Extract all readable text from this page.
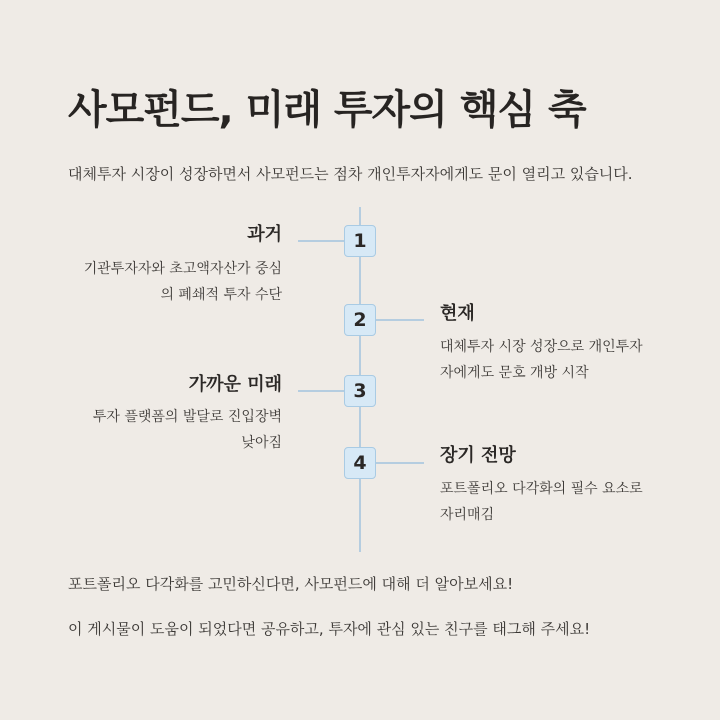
사모펀드, 미래 투자의 핵심 축
대체투자 시장이 성장하면서 사모펀드는 점차 개인투자자에게도 문이 열리고 있습니다.
1
과거
기관투자자와 초고액자산가 중심
의 폐쇄적 투자 수단
2	현재
대체투자 시장 성장으로 개인투자
자에게도 문호 개방 시작
3
가까운 미래
투자 플랫폼의 발달로 진입장벽
낮아짐
4	장기 전망
포트폴리오 다각화의 필수 요소로
자리매김
포트폴리오 다각화를 고민하신다면, 사모펀드에 대해 더 알아보세요!
이 게시물이 도움이 되었다면 공유하고, 투자에 관심 있는 친구를 태그해 주세요!
